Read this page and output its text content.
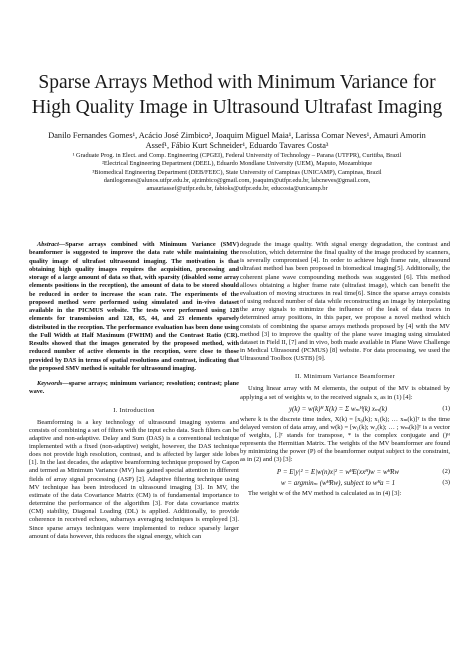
Sparse Arrays Method with Minimum Variance for
High Quality Image in Ultrasound Ultrafast Imaging
Danilo Fernandes Gomes¹, Acácio José Zimbico², Joaquim Miguel Maia¹, Larissa Comar Neves¹, Amauri Amorin
Assef¹, Fábio Kurt Schneider¹, Eduardo Tavares Costa³
¹ Graduate Prog. in Elect. and Comp. Engineering (CPGEI), Federal University of Technology – Parana (UTFPR), Curitiba, Brazil
²Electrical Engineering Department (DEEL), Eduardo Mondlane University (UEM), Maputo, Mozambique
³Biomedical Engineering Department (DEB/FEEC), State University of Campinas (UNICAMP), Campinas, Brazil
danilogomes@alunos.utfpr.edu.br, ajzimbico@gmail.com, joaquim@utfpr.edu.br, labcneves@gmail.com,
amauriassef@utfpr.edu.br, fabioks@utfpr.edu.br, educosta@unicamp.br

Abstract—Sparse arrays combined with Minimum Variance (SMV) beamformer is suggested to improve the data rate while maintaining the quality image of ultrafast ultrasound imaging. The motivation is that obtaining high quality images requires the acquisition, processing and storage of a large amount of data so that, with sparsity (disabled some array elements positions in the reception), the amount of data to be stored should be reduced in order to increase the scan rate. The experiments of the proposed method were performed using simulated and in-vivo dataset available in the PICMUS website. The tests were performed using 128 elements for transmission and 128, 65, 44, and 23 elements sparsely distributed in the reception. The performance evaluation has been done using the Full Width at Half Maximum (FWHM) and the Contrast Ratio (CR). Results showed that the images generated by the proposed method, with reduced number of active elements in the reception, were close to those provided by DAS in terms of spatial resolutions and contrast, indicating that the proposed SMV method is suitable for ultrasound imaging.

Keywords—sparse arrays; minimum variance; resolution; contrast; plane wave.

I. Introduction

Beamforming is a key technology of ultrasound imaging systems and consists of combining a set of filters with the input echo data. Such filters can be adaptive and non-adaptive. Delay and Sum (DAS) is a conventional technique implemented with a fixed (non-adaptive) weight, however, the DAS technique does not provide high resolution, contrast, and is affected by larger side lobes [1]. In the last decades, the adaptive beamforming technique proposed by Capon and termed as Minimum Variance (MV) has gained special attention in different fields of array signal processing (ASP) [2]. Adaptive filtering technique using MV technique has been introduced in ultrasound imaging [3]. In MV, the estimate of the data Covariance Matrix (CM) is of fundamental importance to determine the performance of the algorithm [3]. For data covariance matrix (CM) stability, Diagonal Loading (DL) is applied. Additionally, to provide coherence in received echoes, subarrays averaging techniques is employed [3]. Since sparse arrays techniques were implemented to reduce sparsely larger amount of data however, this reduces the signal energy, which can

degrade the image quality. With signal energy degradation, the contrast and resolution, which determine the final quality of the image produced by scanners, is severally compromised [4]. In order to achieve high frame rate, ultrasound ultrafast method has been proposed in biomedical imaging[5]. Additionally, the coherent plane wave compounding methods was suggested [6]. This method allows obtaining a higher frame rate (ultrafast image), which can benefit the evaluation of moving structures in real time[6]. Since the sparse arrays consists of using reduced number of data while reconstructing an image by interpolating the array signals to minimize the influence of the leak of data traces in determined array positions, in this paper, we propose a novel method which consists of combining the sparse arrays methods proposed by [4] with the MV method [3] to improve the quality of the plane wave imaging using simulated dataset in Field II, [7] and in vivo, both made available in Plane Wave Challenge in Medical Ultrasound (PCMUS) [8] website. For data processing, we used the Ultrasound Toolbox (USTB) [9].

II. Minimum Variance Beamformer

Using linear array with M elements, the output of the MV is obtained by applying a set of weights w, to the received signals x, as in (1) [4]:

y(k) = w(k)ᴴ X(k) = Σ wₘᴴ(k) xₘ(k)	(1)

where k is the discrete time index, X(k) = [x₀(k); x₁(k); … xₘ(k)]ᵀ is the time delayed version of data array, and w(k) = [w₁(k); w₂(k); … ; wₘ(k)]ᵀ is a vector of weights, [.]ᵀ stands for transpose, * is the complex conjugate and ()ᴴ represents the Hermitian Matrix. The weights of the MV beamformer are found by minimizing the power (P) of the beamformer output subject to the constraint, as in (2) and (3) [3]:

P = E|y|² = E|w(n)x|² = wᴴE(xxᴴ)w = wᴴRw	(2)
w = argminₘ (wᴴRw), subject to wᴴa = 1	(3)

The weight w of the MV method is calculated as in (4) [3]:
